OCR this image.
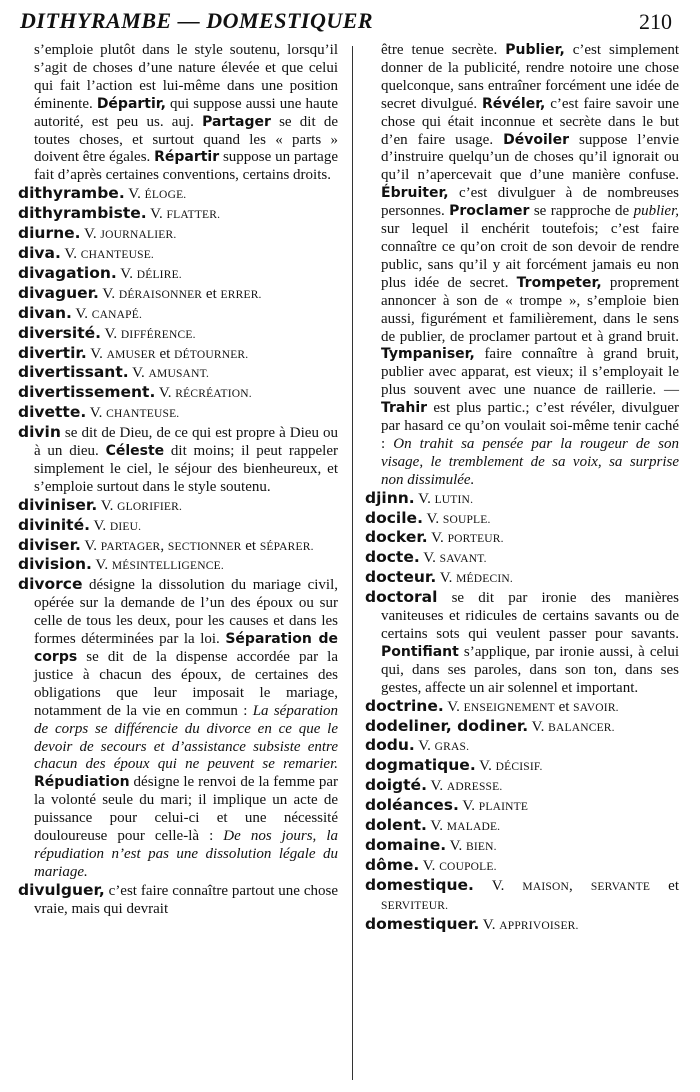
DITHYRAMBE — DOMESTIQUER	210

s’emploie plutôt dans le style soutenu, lorsqu’il s’agit de choses d’une nature élevée et que celui qui fait l’action est lui-même dans une position éminente. Départir, qui suppose aussi une haute autorité, est peu us. auj. Partager se dit de toutes choses, et surtout quand les « parts » doivent être égales. Répartir suppose un partage fait d’après certaines conventions, certains droits.

dithyrambe. V. ÉLOGE.

dithyrambiste. V. FLATTER.

diurne. V. JOURNALIER.

diva. V. CHANTEUSE.

divagation. V. DÉLIRE.

divaguer. V. DÉRAISONNER et ERRER.

divan. V. CANAPÉ.

diversité. V. DIFFÉRENCE.

divertir. V. AMUSER et DÉTOURNER.

divertissant. V. AMUSANT.

divertissement. V. RÉCRÉATION.

divette. V. CHANTEUSE.

divin se dit de Dieu, de ce qui est propre à Dieu ou à un dieu. Céleste dit moins; il peut rappeler simplement le ciel, le séjour des bienheureux, et s’emploie surtout dans le style soutenu.

diviniser. V. GLORIFIER.

divinité. V. DIEU.

diviser. V. PARTAGER, SECTIONNER et SÉPARER.

division. V. MÉSINTELLIGENCE.

divorce désigne la dissolution du mariage civil, opérée sur la demande de l’un des époux ou sur celle de tous les deux, pour les causes et dans les formes déterminées par la loi. Séparation de corps se dit de la dispense accordée par la justice à chacun des époux, de certaines des obligations que leur imposait le mariage, notamment de la vie en commun : La séparation de corps se différencie du divorce en ce que le devoir de secours et d’assistance subsiste entre chacun des époux qui ne peuvent se remarier. Répudiation désigne le renvoi de la femme par la volonté seule du mari; il implique un acte de puissance pour celui-ci et une nécessité douloureuse pour celle-là : De nos jours, la répudiation n’est pas une dissolution légale du mariage.

divulguer, c’est faire connaître partout une chose vraie, mais qui devrait

être tenue secrète. Publier, c’est simplement donner de la publicité, rendre notoire une chose quelconque, sans entraîner forcément une idée de secret divulgué. Révéler, c’est faire savoir une chose qui était inconnue et secrète dans le but d’en faire usage. Dévoiler suppose l’envie d’instruire quelqu’un de choses qu’il ignorait ou qu’il n’apercevait que d’une manière confuse. Ébruiter, c’est divulguer à de nombreuses personnes. Proclamer se rapproche de publier, sur lequel il enchérit toutefois; c’est faire connaître ce qu’on croit de son devoir de rendre public, sans qu’il y ait forcément jamais eu non plus idée de secret. Trompeter, proprement annoncer à son de « trompe », s’emploie bien aussi, figurément et familièrement, dans le sens de publier, de proclamer partout et à grand bruit. Tympaniser, faire connaître à grand bruit, publier avec apparat, est vieux; il s’employait le plus souvent avec une nuance de raillerie. — Trahir est plus partic.; c’est révéler, divulguer par hasard ce qu’on voulait soi-même tenir caché : On trahit sa pensée par la rougeur de son visage, le tremblement de sa voix, sa surprise non dissimulée.

djinn. V. LUTIN.

docile. V. SOUPLE.

docker. V. PORTEUR.

docte. V. SAVANT.

docteur. V. MÉDECIN.

doctoral se dit par ironie des manières vaniteuses et ridicules de certains savants ou de certains sots qui veulent passer pour savants. Pontifiant s’applique, par ironie aussi, à celui qui, dans ses paroles, dans son ton, dans ses gestes, affecte un air solennel et important.

doctrine. V. ENSEIGNEMENT et SAVOIR.

dodeliner, dodiner. V. BALANCER.

dodu. V. GRAS.

dogmatique. V. DÉCISIF.

doigté. V. ADRESSE.

doléances. V. PLAINTE

dolent. V. MALADE.

domaine. V. BIEN.

dôme. V. COUPOLE.

domestique. V. MAISON, SERVANTE et SERVITEUR.

domestiquer. V. APPRIVOISER.
